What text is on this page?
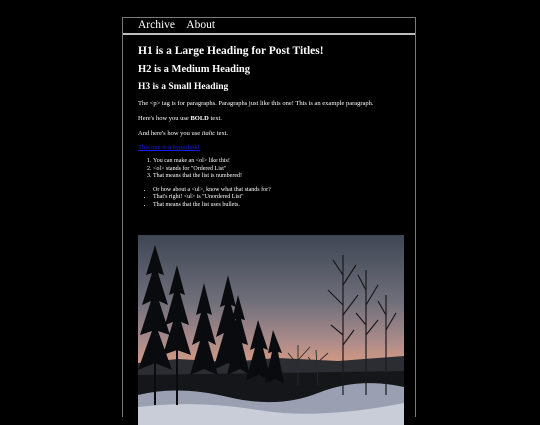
Archive About
H1 is a Large Heading for Post Titles!
H2 is a Medium Heading
H3 is a Small Heading

The <p> tag is for paragraphs. Paragraphs just like this one! This is an example paragraph.

Here's how you use BOLD text.

And here's how you use italic text.

This one is a hyperlink!
1. You can make an <ol> like this!
2. <ol> stands for "Ordered List"
3. That means that the list is numbered!
• Or how about a <ul>, know what that stands for?
• That's right! <ul> is "Unordered List"
• That means that the list uses bullets.
